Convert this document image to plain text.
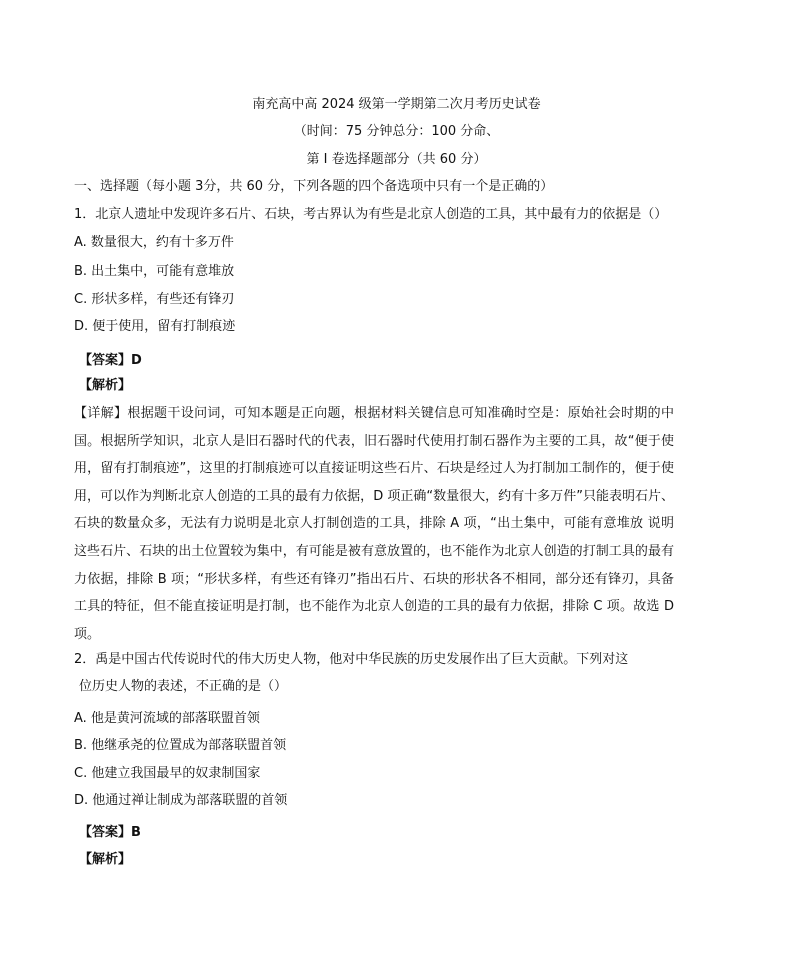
南充高中高 2024 级第一学期第二次月考历史试卷
（时间：75 分钟总分：100 分命、
第 I 卷选择题部分（共 60 分）
一、选择题（每小题 3分，共 60 分，下列各题的四个备选项中只有一个是正确的）
1．北京人遗址中发现许多石片、石块，考古界认为有些是北京人创造的工具，其中最有力的依据是（）
A. 数量很大，约有十多万件
B. 出土集中，可能有意堆放
C. 形状多样，有些还有锋刃
D. 便于使用，留有打制痕迹
【答案】D
【解析】
【详解】根据题干设问词，可知本题是正向题，根据材料关键信息可知准确时空是：原始社会时期的中国。根据所学知识，北京人是旧石器时代的代表，旧石器时代使用打制石器作为主要的工具，故“便于使用，留有打制痕迹”，这里的打制痕迹可以直接证明这些石片、石块是经过人为打制加工制作的，便于使用，可以作为判断北京人创造的工具的最有力依据，D 项正确“数量很大，约有十多万件”只能表明石片、石块的数量众多，无法有力说明是北京人打制创造的工具，排除 A 项，“出土集中，可能有意堆放 说明这些石片、石块的出土位置较为集中，有可能是被有意放置的，也不能作为北京人创造的打制工具的最有力依据，排除 B 项；“形状多样，有些还有锋刃”指出石片、石块的形状各不相同，部分还有锋刃，具备工具的特征，但不能直接证明是打制，也不能作为北京人创造的工具的最有力依据，排除 C 项。故选 D 项。
2．禹是中国古代传说时代的伟大历史人物，他对中华民族的历史发展作出了巨大贡献。下列对这
位历史人物的表述，不正确的是（）
A. 他是黄河流域的部落联盟首领
B. 他继承尧的位置成为部落联盟首领
C. 他建立我国最早的奴隶制国家
D. 他通过禅让制成为部落联盟的首领
【答案】B
【解析】
